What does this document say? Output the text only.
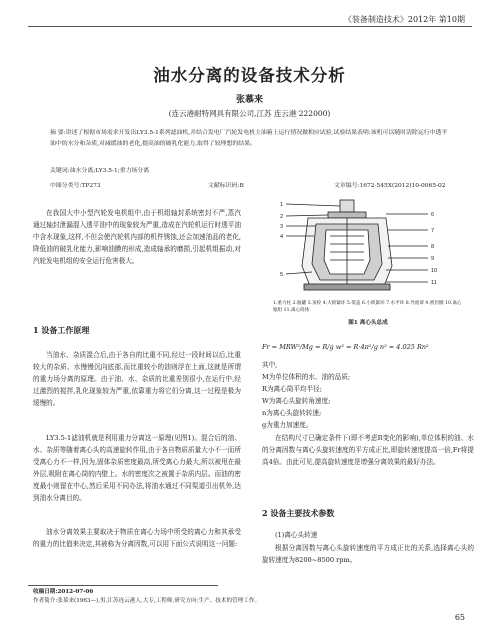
《装备制造技术》2012年 第10期
油水分离的设备技术分析
张慕来
(连云港耐特网具有限公司,江苏 连云港 222000)
摘 要:讲述了根据市场需求开发出LY3.5-1系列滤油机,并结合发电厂汽轮发电机主油箱上运行情况做相应试验,试验结果表明:该机可以随时清除运行中透平油中的水分和杂质,对减缓油的老化,提高油的破乳化能力,取得了较理想的结果。
关键词:油水分离;LY3.5-1;重力场分离
中图分类号:TP273	文献标识码:B	文章编号:1672-545X(2012)10-0065-02
在我国大中小型汽轮发电机组中,由于机组轴封系统密封不严,蒸汽通过轴封泄漏混入透平油中的现象较为严重,造成在汽轮机运行时透平油中含水现象,这样,不但会使汽轮机内部的机件锈蚀,还会加速油品的老化,降低油的破乳化能力,影响油膜的形成,造成轴承的磨损,引起机组振动,对汽轮发电机组的安全运行危害极大。
1 设备工作原理
当油水、杂质混合后,由于各自的比重不同,经过一段时间以后,比重较大的杂质、水慢慢沉向底部,而比重较小的油则浮在上面,这就是所谓的重力场分离的原理。由于油、水、杂质的比重差别很小,在运行中,经过激烈的搅拌,乳化现象较为严重,依靠重力将它们分离,这一过程是极为缓慢的。
LY3.5-1滤油机就是利用重力分离这一原理(见图1)。混合后的油、水、杂质等随着离心头的高速旋转作用,由于各自物质质量大小不一而所受离心力不一样,因为,固体杂质密度最高,所受离心力最大,所以被甩在最外层,吸附在离心筒的内壁上。水的密度次之被置于杂质内层。而油的密度最小则留在中心,然后采用不同办法,将油水通过不同渠道引出机外,达到油水分离目的。
油水分离效果主要取决于物质在离心力场中所受的离心力和其承受的重力的比值来决定,其被称为分离因数,可以用下面公式说明这一问题:
1
2
3
4
5
6
7
8
9
10
11
1.重力柱 2.瓶罐 3.顶栓 4.大锁紧环 5.架盖 6.小锁紧环 7.水平环 8.导流罩 9.密封圈 10.离心瓶组 11.离心筒体
图1 离心头总成
Fr = MRW²/Mg = R/g w² = R·4π²/g n² = 4.025 Rn²
其中,
M为单位体积的水、油的品质;
R为离心筒平均半径;
W为离心头旋转角速度;
n为离心头旋转转速;
g为重力加速度。
在结构尺寸已确定条件下(即不考虑R变化的影响),单位体积的油、水的分离因数与离心头旋转速度的平方成正比,即旋转速度提高一倍,Fr将提高4倍。由此可见,提高旋转速度是增强分离效果的最好办法。
2 设备主要技术参数
(1)离心头转速
根据分离因数与离心头旋转速度的平方成正比的关系,选择离心头的旋转速度为8200~8500 rpm。
收稿日期:2012-07-06
作者简介:张慕来(1963—),男,江苏连云港人,大专,工程师,研究方向:生产、技术的管理工作。
65
